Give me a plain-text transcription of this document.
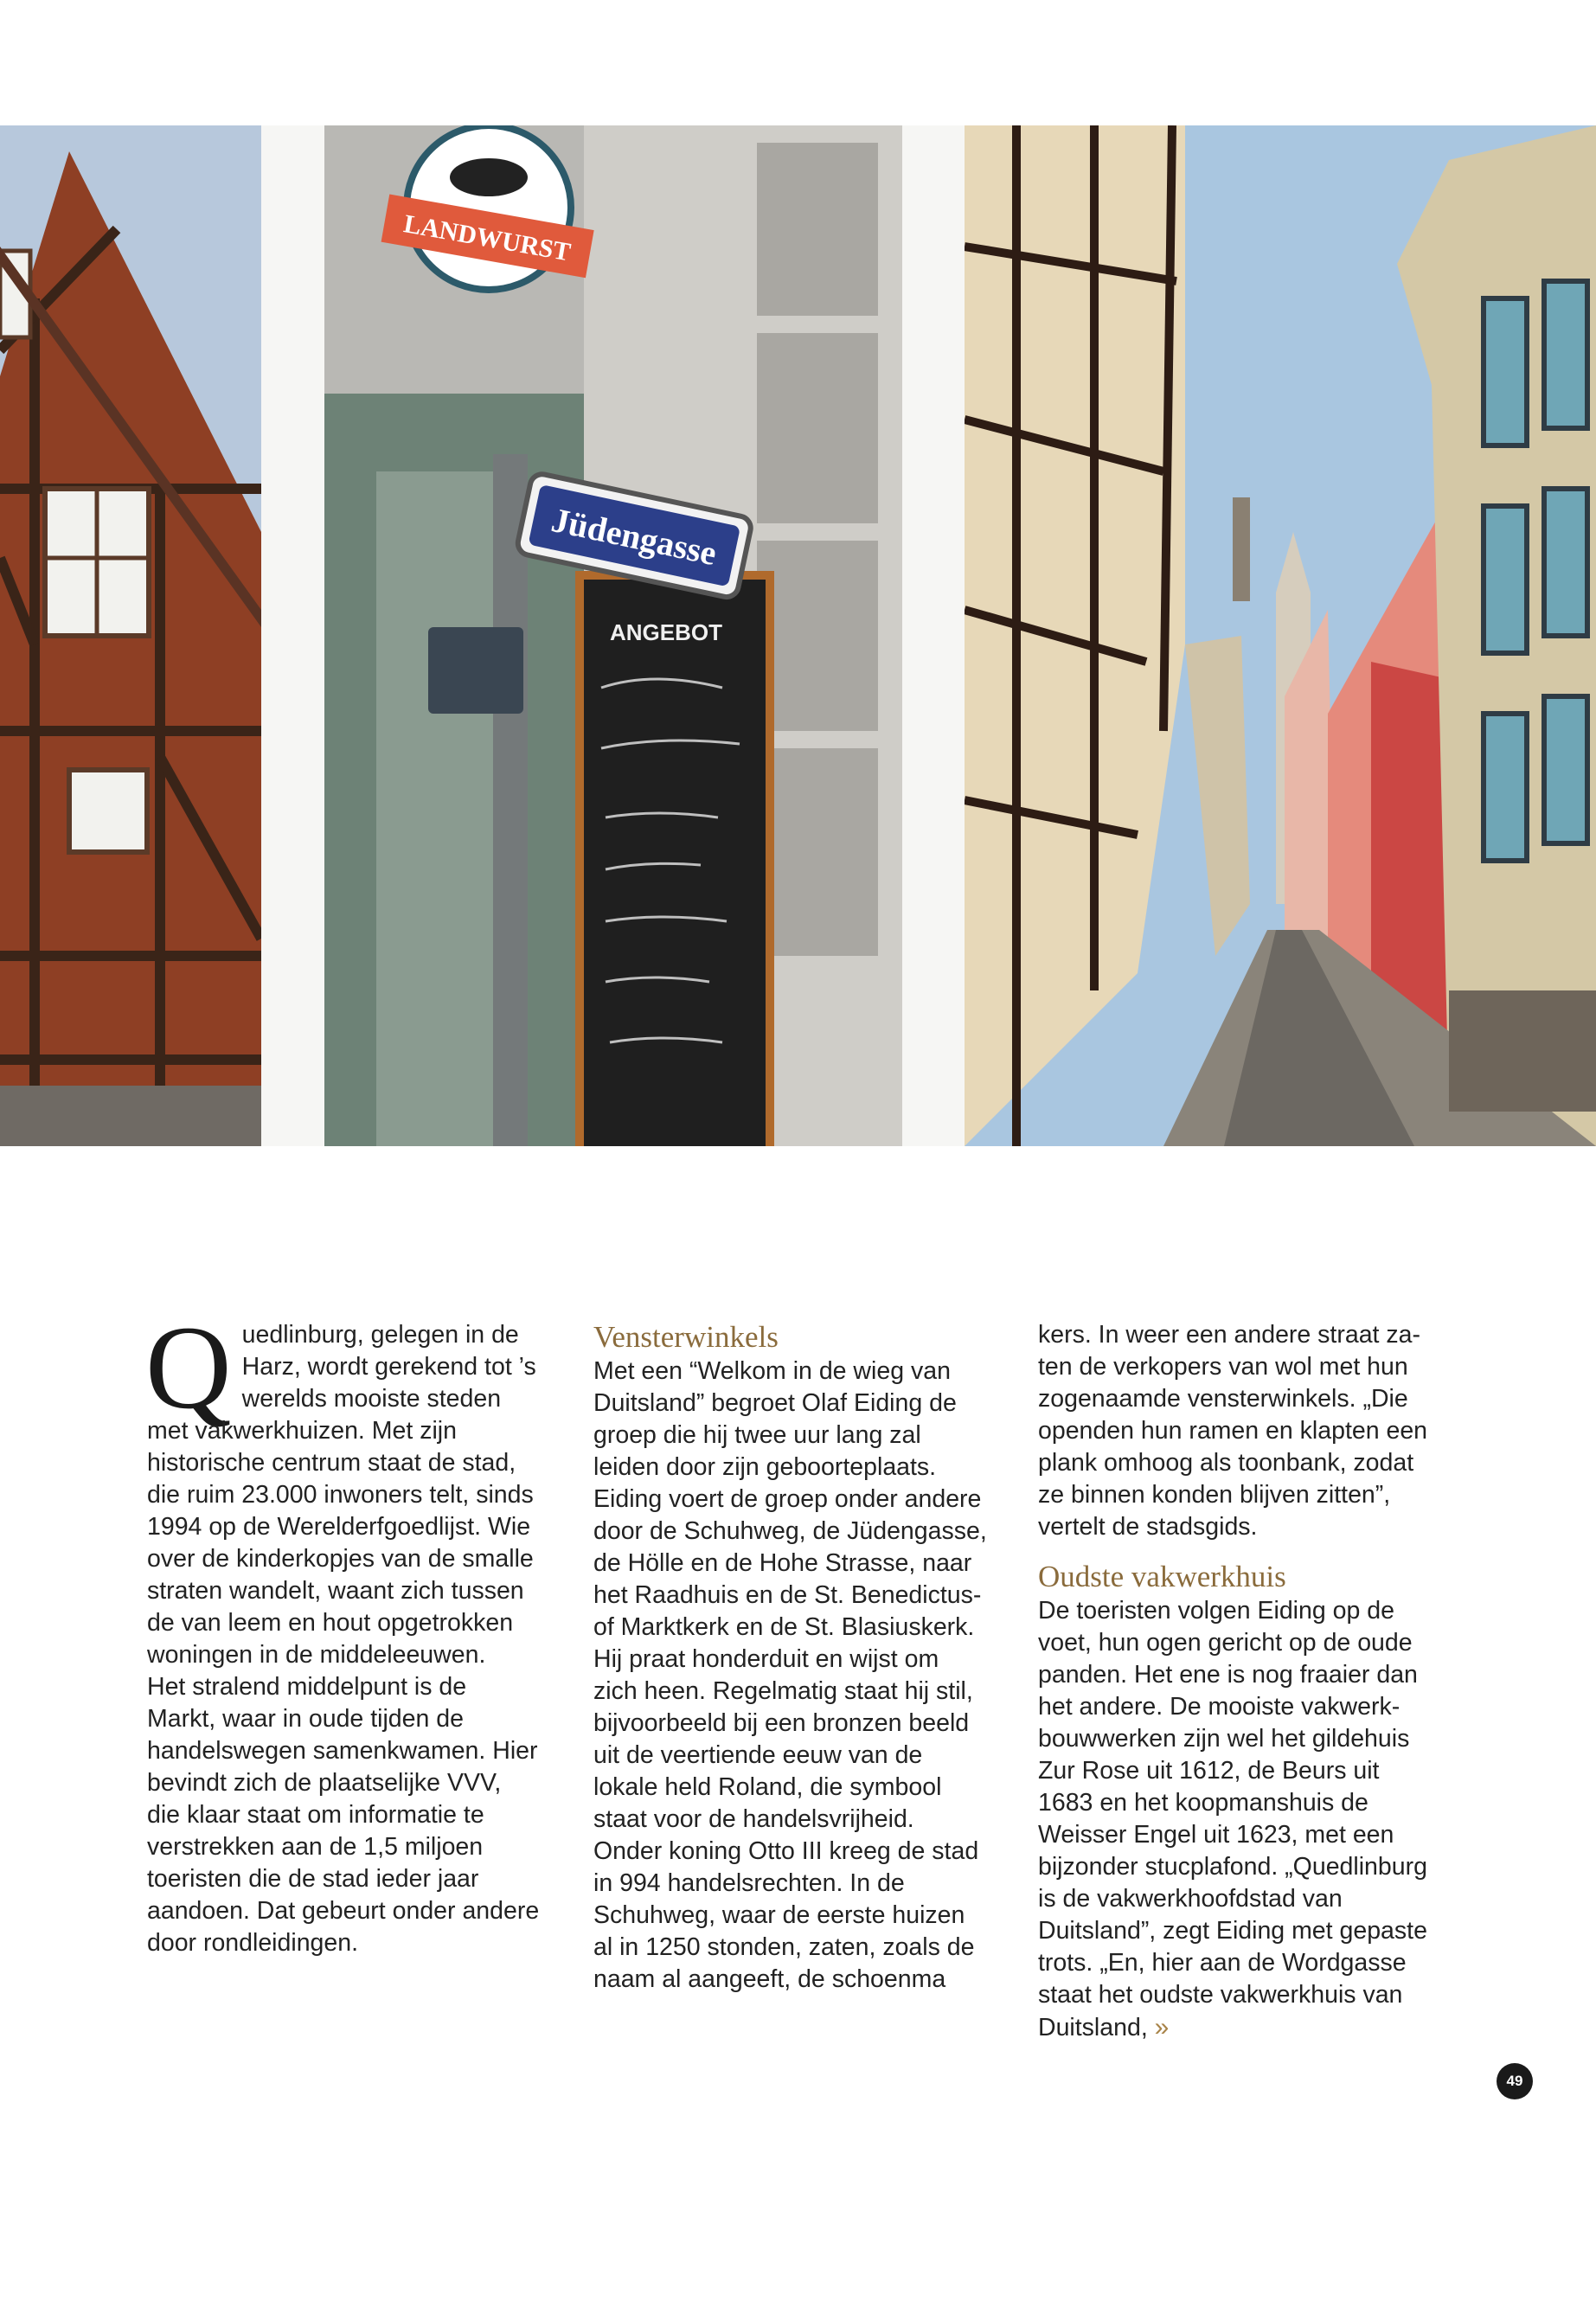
ANGEBOT
Jüdengasse
LANDWURST

Quedlinburg, gelegen in de Harz, wordt gerekend tot ’s werelds mooiste steden met vakwerkhuizen. Met zijn historische centrum staat de stad, die ruim 23.000 inwoners telt, sinds 1994 op de Werelderfgoedlijst. Wie over de kinderkopjes van de smalle straten wandelt, waant zich tussen de van leem en hout opgetrokken woningen in de middeleeuwen.

Het stralend middelpunt is de Markt, waar in oude tijden de handelswegen samenkwamen. Hier bevindt zich de plaatselijke VVV, die klaar staat om informatie te verstrekken aan de 1,5 miljoen toeristen die de stad ieder jaar aandoen. Dat gebeurt onder andere door rondleidingen.

Vensterwinkels

Met een “Welkom in de wieg van Duitsland” begroet Olaf Eiding de groep die hij twee uur lang zal leiden door zijn geboorteplaats. Eiding voert de groep onder andere door de Schuhweg, de Jüdengasse, de Hölle en de Hohe Strasse, naar het Raadhuis en de St. Benedictus- of Marktkerk en de St. Blasiuskerk. Hij praat honderduit en wijst om zich heen. Regelmatig staat hij stil, bijvoorbeeld bij een bronzen beeld uit de veertiende eeuw van de lokale held Roland, die symbool staat voor de handelsvrijheid. Onder koning Otto III kreeg de stad in 994 handelsrechten. In de Schuhweg, waar de eerste huizen al in 1250 stonden, zaten, zoals de naam al aangeeft, de schoenma

kers. In weer een andere straat zaten de verkopers van wol met hun zogenaamde vensterwinkels. „Die openden hun ramen en klapten een plank omhoog als toonbank, zodat ze binnen konden blijven zitten”, vertelt de stadsgids.

Oudste vakwerkhuis

De toeristen volgen Eiding op de voet, hun ogen gericht op de oude panden. Het ene is nog fraaier dan het andere. De mooiste vakwerkbouwwerken zijn wel het gildehuis Zur Rose uit 1612, de Beurs uit 1683 en het koopmanshuis de Weisser Engel uit 1623, met een bijzonder stucplafond. „Quedlinburg is de vakwerkhoofdstad van Duitsland”, zegt Eiding met gepaste trots. „En, hier aan de Wordgasse staat het oudste vakwerkhuis van Duitsland, »

49
